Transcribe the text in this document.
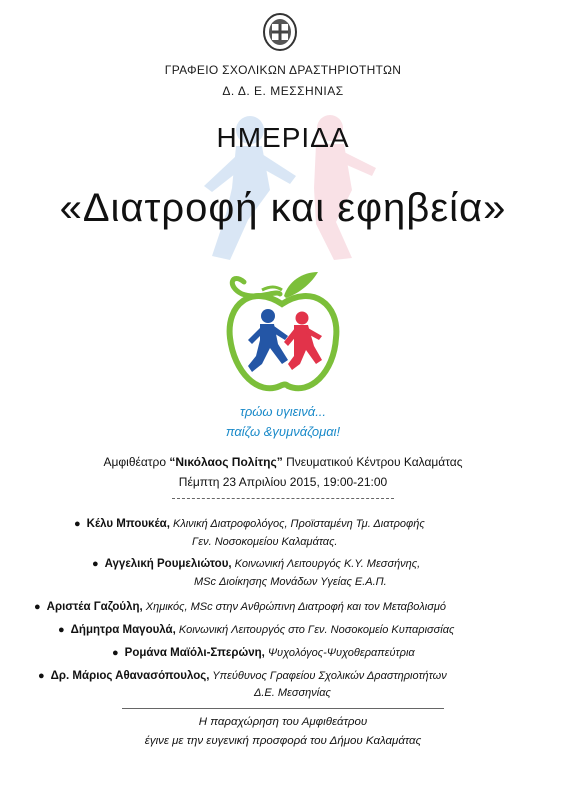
ΓΡΑΦΕΙΟ ΣΧΟΛΙΚΩΝ ΔΡΑΣΤΗΡΙΟΤΗΤΩΝ
Δ. Δ. Ε. ΜΕΣΣΗΝΙΑΣ
ΗΜΕΡΙΔΑ
«Διατροφή και εφηβεία»
τρώω υγιεινά...
παίζω &γυμνάζομαι!
Αμφιθέατρο “Νικόλαος Πολίτης” Πνευματικού Κέντρου Καλαμάτας
Πέμπτη 23 Απριλίου 2015, 19:00-21:00
● Κέλυ Μπουκέα, Κλινική Διατροφολόγος, Προϊσταμένη Τμ. Διατροφής
Γεν. Νοσοκομείου Καλαμάτας.
● Αγγελική Ρουμελιώτου, Κοινωνική Λειτουργός Κ.Υ. Μεσσήνης,
MSc Διοίκησης Μονάδων Υγείας Ε.Α.Π.
● Αριστέα Γαζούλη, Χημικός, MSc στην Ανθρώπινη Διατροφή και τον Μεταβολισμό
● Δήμητρα Μαγουλά, Κοινωνική Λειτουργός στο Γεν. Νοσοκομείο Κυπαρισσίας
● Ρομάνα Μαϊόλι-Σπερώνη, Ψυχολόγος-Ψυχοθεραπεύτρια
● Δρ. Μάριος Αθανασόπουλος, Υπεύθυνος Γραφείου Σχολικών Δραστηριοτήτων
Δ.Ε. Μεσσηνίας
Η παραχώρηση του Αμφιθεάτρου
έγινε με την ευγενική προσφορά του Δήμου Καλαμάτας
